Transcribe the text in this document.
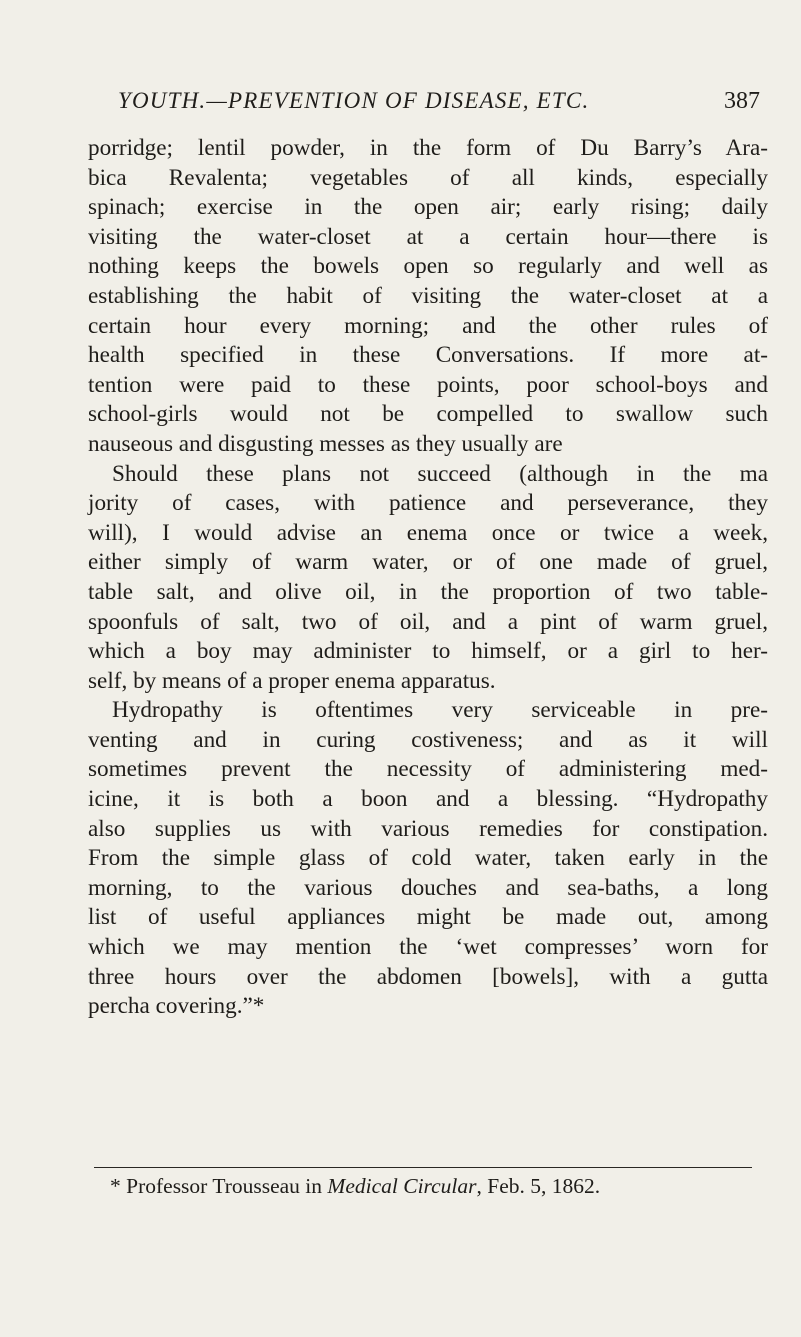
YOUTH.—PREVENTION OF DISEASE, ETC.	387
porridge; lentil powder, in the form of Du Barry’s Ara-
bica Revalenta; vegetables of all kinds, especially
spinach; exercise in the open air; early rising; daily
visiting the water-closet at a certain hour—there is
nothing keeps the bowels open so regularly and well as
establishing the habit of visiting the water-closet at a
certain hour every morning; and the other rules of
health specified in these Conversations. If more at-
tention were paid to these points, poor school-boys and
school-girls would not be compelled to swallow such
nauseous and disgusting messes as they usually are
Should these plans not succeed (although in the ma
jority of cases, with patience and perseverance, they
will), I would advise an enema once or twice a week,
either simply of warm water, or of one made of gruel,
table salt, and olive oil, in the proportion of two table-
spoonfuls of salt, two of oil, and a pint of warm gruel,
which a boy may administer to himself, or a girl to her-
self, by means of a proper enema apparatus.
Hydropathy is oftentimes very serviceable in pre-
venting and in curing costiveness; and as it will
sometimes prevent the necessity of administering med-
icine, it is both a boon and a blessing. “Hydropathy
also supplies us with various remedies for constipation.
From the simple glass of cold water, taken early in the
morning, to the various douches and sea-baths, a long
list of useful appliances might be made out, among
which we may mention the ‘wet compresses’ worn for
three hours over the abdomen [bowels], with a gutta
percha covering.”*
* Professor Trousseau in Medical Circular, Feb. 5, 1862.
